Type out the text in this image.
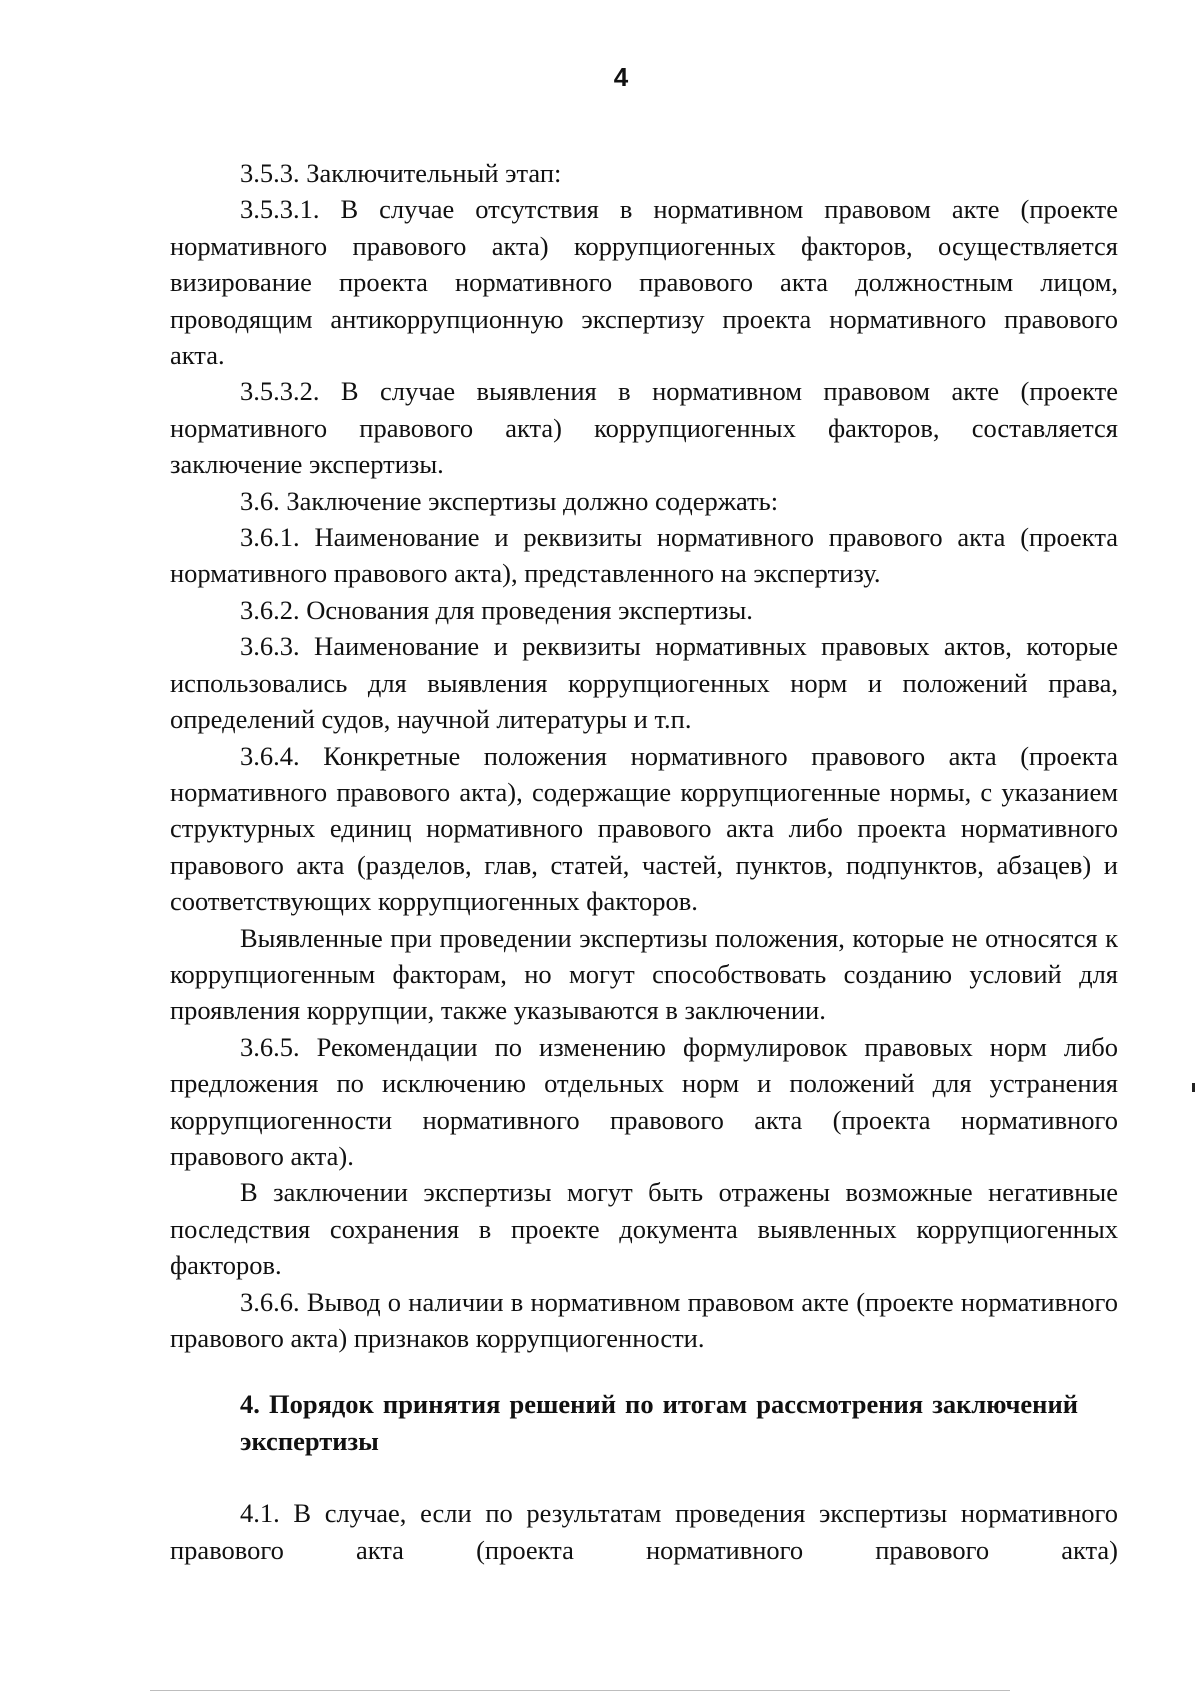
4

3.5.3. Заключительный этап:

3.5.3.1. В случае отсутствия в нормативном правовом акте (проекте нормативного правового акта) коррупциогенных факторов, осуществляется визирование проекта нормативного правового акта должностным лицом, проводящим антикоррупционную экспертизу проекта нормативного правового акта.

3.5.3.2. В случае выявления в нормативном правовом акте (проекте нормативного правового акта) коррупциогенных факторов, составляется заключение экспертизы.

3.6. Заключение экспертизы должно содержать:

3.6.1. Наименование и реквизиты нормативного правового акта (проекта нормативного правового акта), представленного на экспертизу.

3.6.2. Основания для проведения экспертизы.

3.6.3. Наименование и реквизиты нормативных правовых актов, которые использовались для выявления коррупциогенных норм и положений права, определений судов, научной литературы и т.п.

3.6.4. Конкретные положения нормативного правового акта (проекта нормативного правового акта), содержащие коррупциогенные нормы, с указанием структурных единиц нормативного правового акта либо проекта нормативного правового акта (разделов, глав, статей, частей, пунктов, подпунктов, абзацев) и соответствующих коррупциогенных факторов.

Выявленные при проведении экспертизы положения, которые не относятся к коррупциогенным факторам, но могут способствовать созданию условий для проявления коррупции, также указываются в заключении.

3.6.5. Рекомендации по изменению формулировок правовых норм либо предложения по исключению отдельных норм и положений для устранения коррупциогенности нормативного правового акта (проекта нормативного правового акта).

В заключении экспертизы могут быть отражены возможные негативные последствия сохранения в проекте документа выявленных коррупциогенных факторов.

3.6.6. Вывод о наличии в нормативном правовом акте (проекте нормативного правового акта) признаков коррупциогенности.

4. Порядок принятия решений по итогам рассмотрения заключений экспертизы

4.1. В случае, если по результатам проведения экспертизы нормативного правового акта (проекта нормативного правового акта)
